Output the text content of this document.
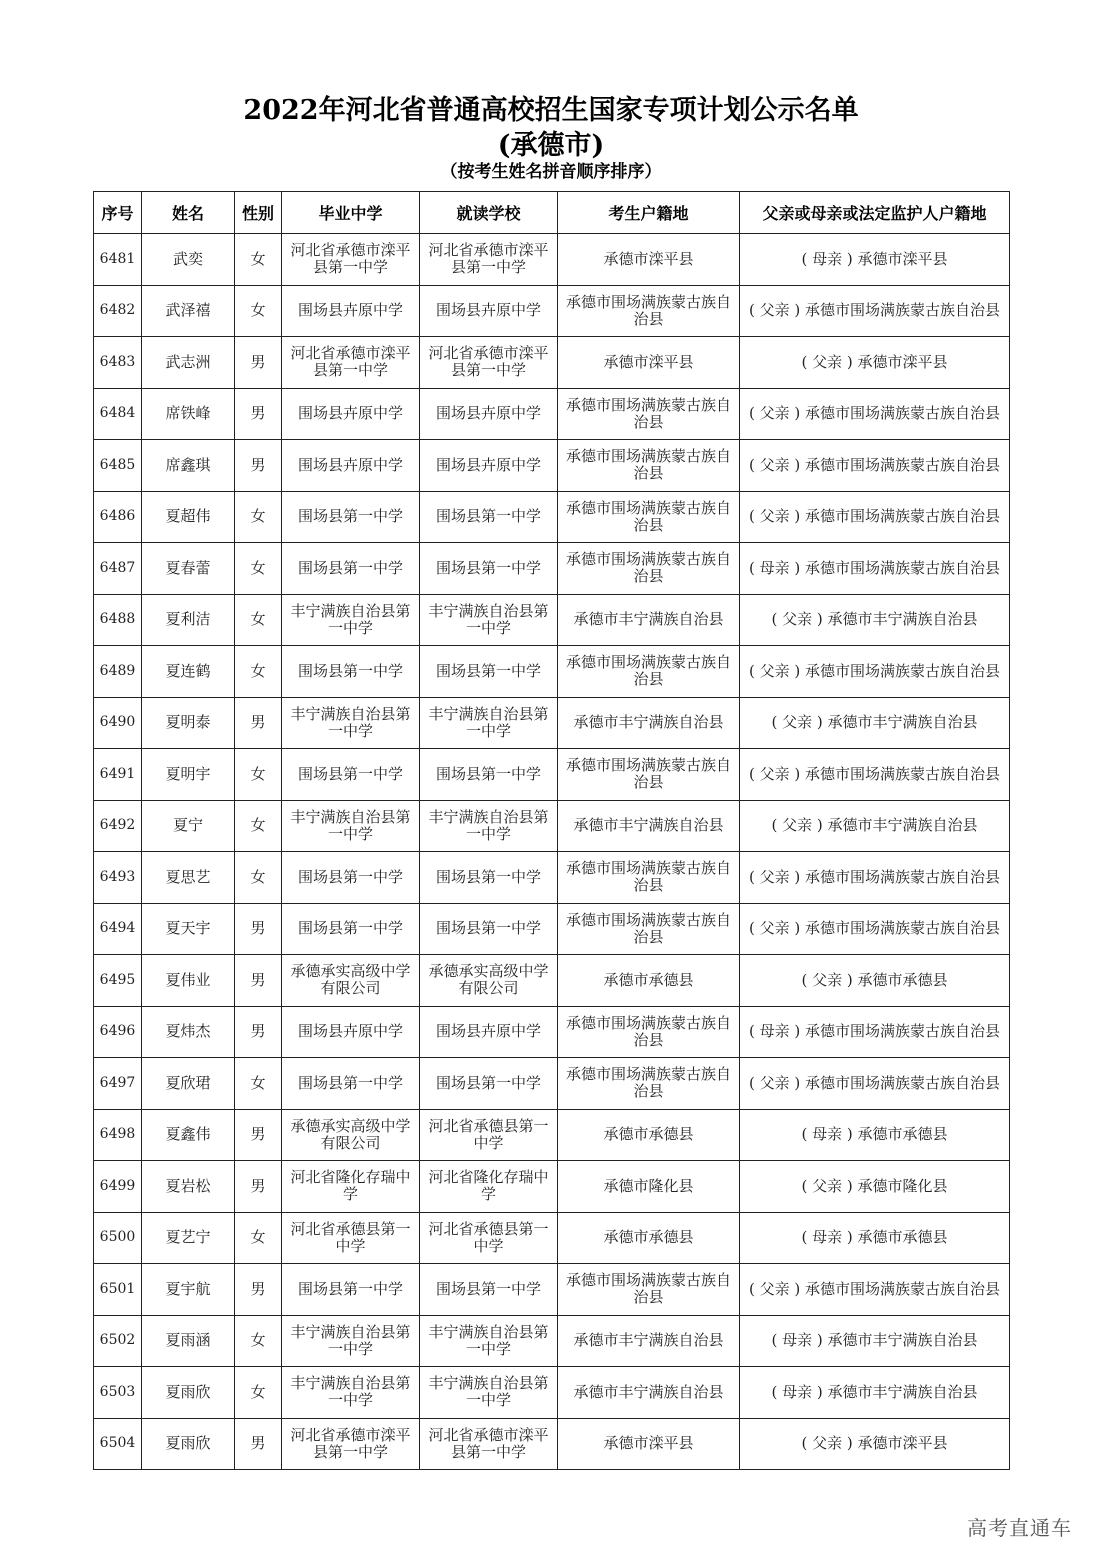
2022年河北省普通高校招生国家专项计划公示名单
(承德市)
（按考生姓名拼音顺序排序）
序号	姓名	性别	毕业中学	就读学校	考生户籍地	父亲或母亲或法定监护人户籍地
6481	武奕	女	河北省承德市滦平县第一中学	河北省承德市滦平县第一中学	承德市滦平县	( 母亲 ) 承德市滦平县
6482	武泽禧	女	围场县卉原中学	围场县卉原中学	承德市围场满族蒙古族自治县	( 父亲 ) 承德市围场满族蒙古族自治县
6483	武志洲	男	河北省承德市滦平县第一中学	河北省承德市滦平县第一中学	承德市滦平县	( 父亲 ) 承德市滦平县
6484	席铁峰	男	围场县卉原中学	围场县卉原中学	承德市围场满族蒙古族自治县	( 父亲 ) 承德市围场满族蒙古族自治县
6485	席鑫琪	男	围场县卉原中学	围场县卉原中学	承德市围场满族蒙古族自治县	( 父亲 ) 承德市围场满族蒙古族自治县
6486	夏超伟	女	围场县第一中学	围场县第一中学	承德市围场满族蒙古族自治县	( 父亲 ) 承德市围场满族蒙古族自治县
6487	夏春蕾	女	围场县第一中学	围场县第一中学	承德市围场满族蒙古族自治县	( 母亲 ) 承德市围场满族蒙古族自治县
6488	夏利洁	女	丰宁满族自治县第一中学	丰宁满族自治县第一中学	承德市丰宁满族自治县	( 父亲 ) 承德市丰宁满族自治县
6489	夏连鹤	女	围场县第一中学	围场县第一中学	承德市围场满族蒙古族自治县	( 父亲 ) 承德市围场满族蒙古族自治县
6490	夏明泰	男	丰宁满族自治县第一中学	丰宁满族自治县第一中学	承德市丰宁满族自治县	( 父亲 ) 承德市丰宁满族自治县
6491	夏明宇	女	围场县第一中学	围场县第一中学	承德市围场满族蒙古族自治县	( 父亲 ) 承德市围场满族蒙古族自治县
6492	夏宁	女	丰宁满族自治县第一中学	丰宁满族自治县第一中学	承德市丰宁满族自治县	( 父亲 ) 承德市丰宁满族自治县
6493	夏思艺	女	围场县第一中学	围场县第一中学	承德市围场满族蒙古族自治县	( 父亲 ) 承德市围场满族蒙古族自治县
6494	夏天宇	男	围场县第一中学	围场县第一中学	承德市围场满族蒙古族自治县	( 父亲 ) 承德市围场满族蒙古族自治县
6495	夏伟业	男	承德承实高级中学有限公司	承德承实高级中学有限公司	承德市承德县	( 父亲 ) 承德市承德县
6496	夏炜杰	男	围场县卉原中学	围场县卉原中学	承德市围场满族蒙古族自治县	( 母亲 ) 承德市围场满族蒙古族自治县
6497	夏欣珺	女	围场县第一中学	围场县第一中学	承德市围场满族蒙古族自治县	( 父亲 ) 承德市围场满族蒙古族自治县
6498	夏鑫伟	男	承德承实高级中学有限公司	河北省承德县第一中学	承德市承德县	( 母亲 ) 承德市承德县
6499	夏岩松	男	河北省隆化存瑞中学	河北省隆化存瑞中学	承德市隆化县	( 父亲 ) 承德市隆化县
6500	夏艺宁	女	河北省承德县第一中学	河北省承德县第一中学	承德市承德县	( 母亲 ) 承德市承德县
6501	夏宇航	男	围场县第一中学	围场县第一中学	承德市围场满族蒙古族自治县	( 父亲 ) 承德市围场满族蒙古族自治县
6502	夏雨涵	女	丰宁满族自治县第一中学	丰宁满族自治县第一中学	承德市丰宁满族自治县	( 母亲 ) 承德市丰宁满族自治县
6503	夏雨欣	女	丰宁满族自治县第一中学	丰宁满族自治县第一中学	承德市丰宁满族自治县	( 母亲 ) 承德市丰宁满族自治县
6504	夏雨欣	男	河北省承德市滦平县第一中学	河北省承德市滦平县第一中学	承德市滦平县	( 父亲 ) 承德市滦平县
高考直通车
